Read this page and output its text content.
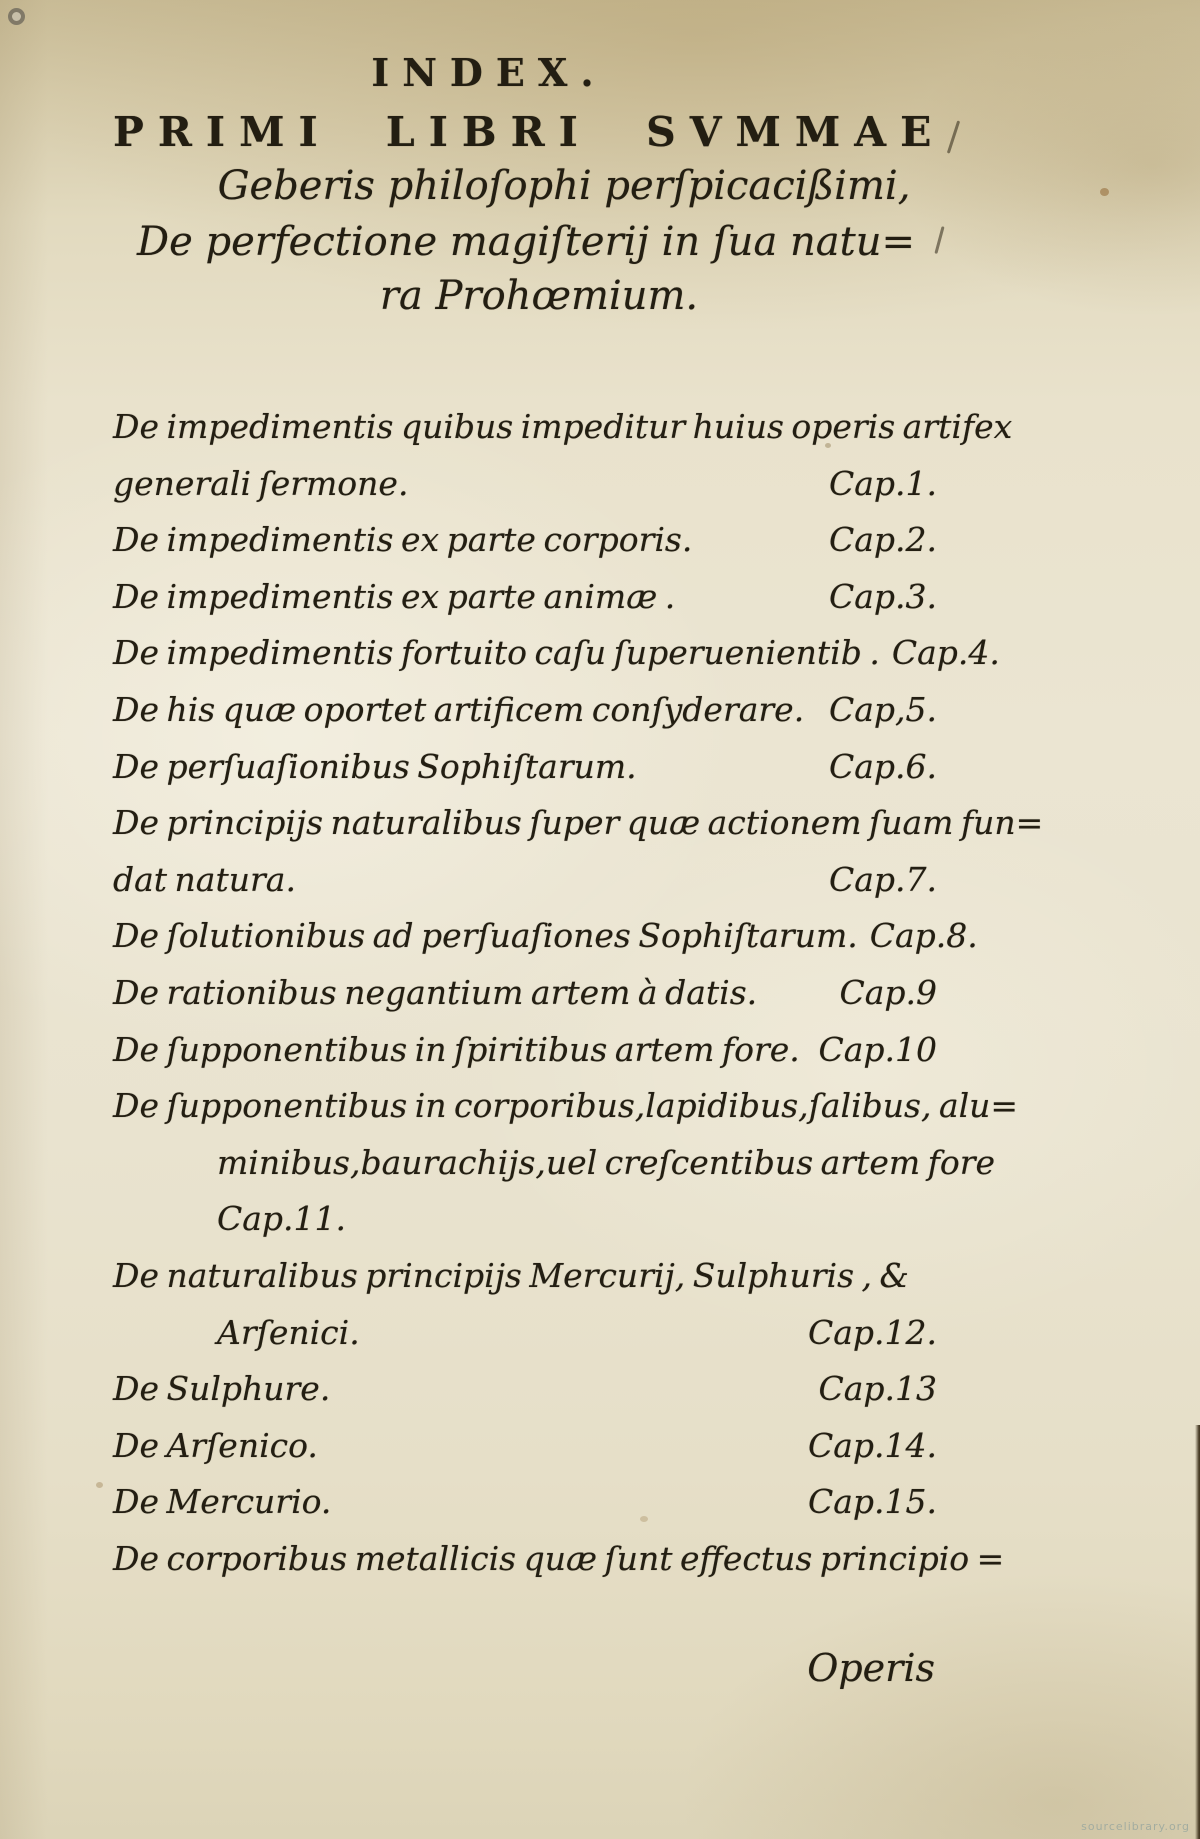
INDEX.
PRIMI LIBRI SVMMAE
Geberis philoſophi perſpicacißimi,
De perfectione magiſterij in ſua natu=
ra Prohœmium.
De impedimentis quibus impeditur huius operis artifex
generali ſermone.	Cap.1.
De impedimentis ex parte corporis.	Cap.2.
De impedimentis ex parte animæ .	Cap.3.
De impedimentis fortuito caſu ſuperuenientib . Cap.4.
De his quæ oportet artificem conſyderare. Cap,5.
De perſuaſionibus Sophiſtarum.	Cap.6.
De principijs naturalibus ſuper quæ actionem ſuam fun=
dat natura.	Cap.7.
De ſolutionibus ad perſuaſiones Sophiſtarum. Cap.8.
De rationibus negantium artem à datis. Cap.9
De ſupponentibus in ſpiritibus artem fore. Cap.10
De ſupponentibus in corporibus,lapidibus,ſalibus, alu=
minibus,baurachijs,uel creſcentibus artem fore
Cap.11.
De naturalibus principijs Mercurij, Sulphuris , &
Arſenici.	Cap.12.
De Sulphure.	Cap.13
De Arſenico.	Cap.14.
De Mercurio.	Cap.15.
De corporibus metallicis quæ ſunt effectus principio =
Operis
sourcelibrary.org
